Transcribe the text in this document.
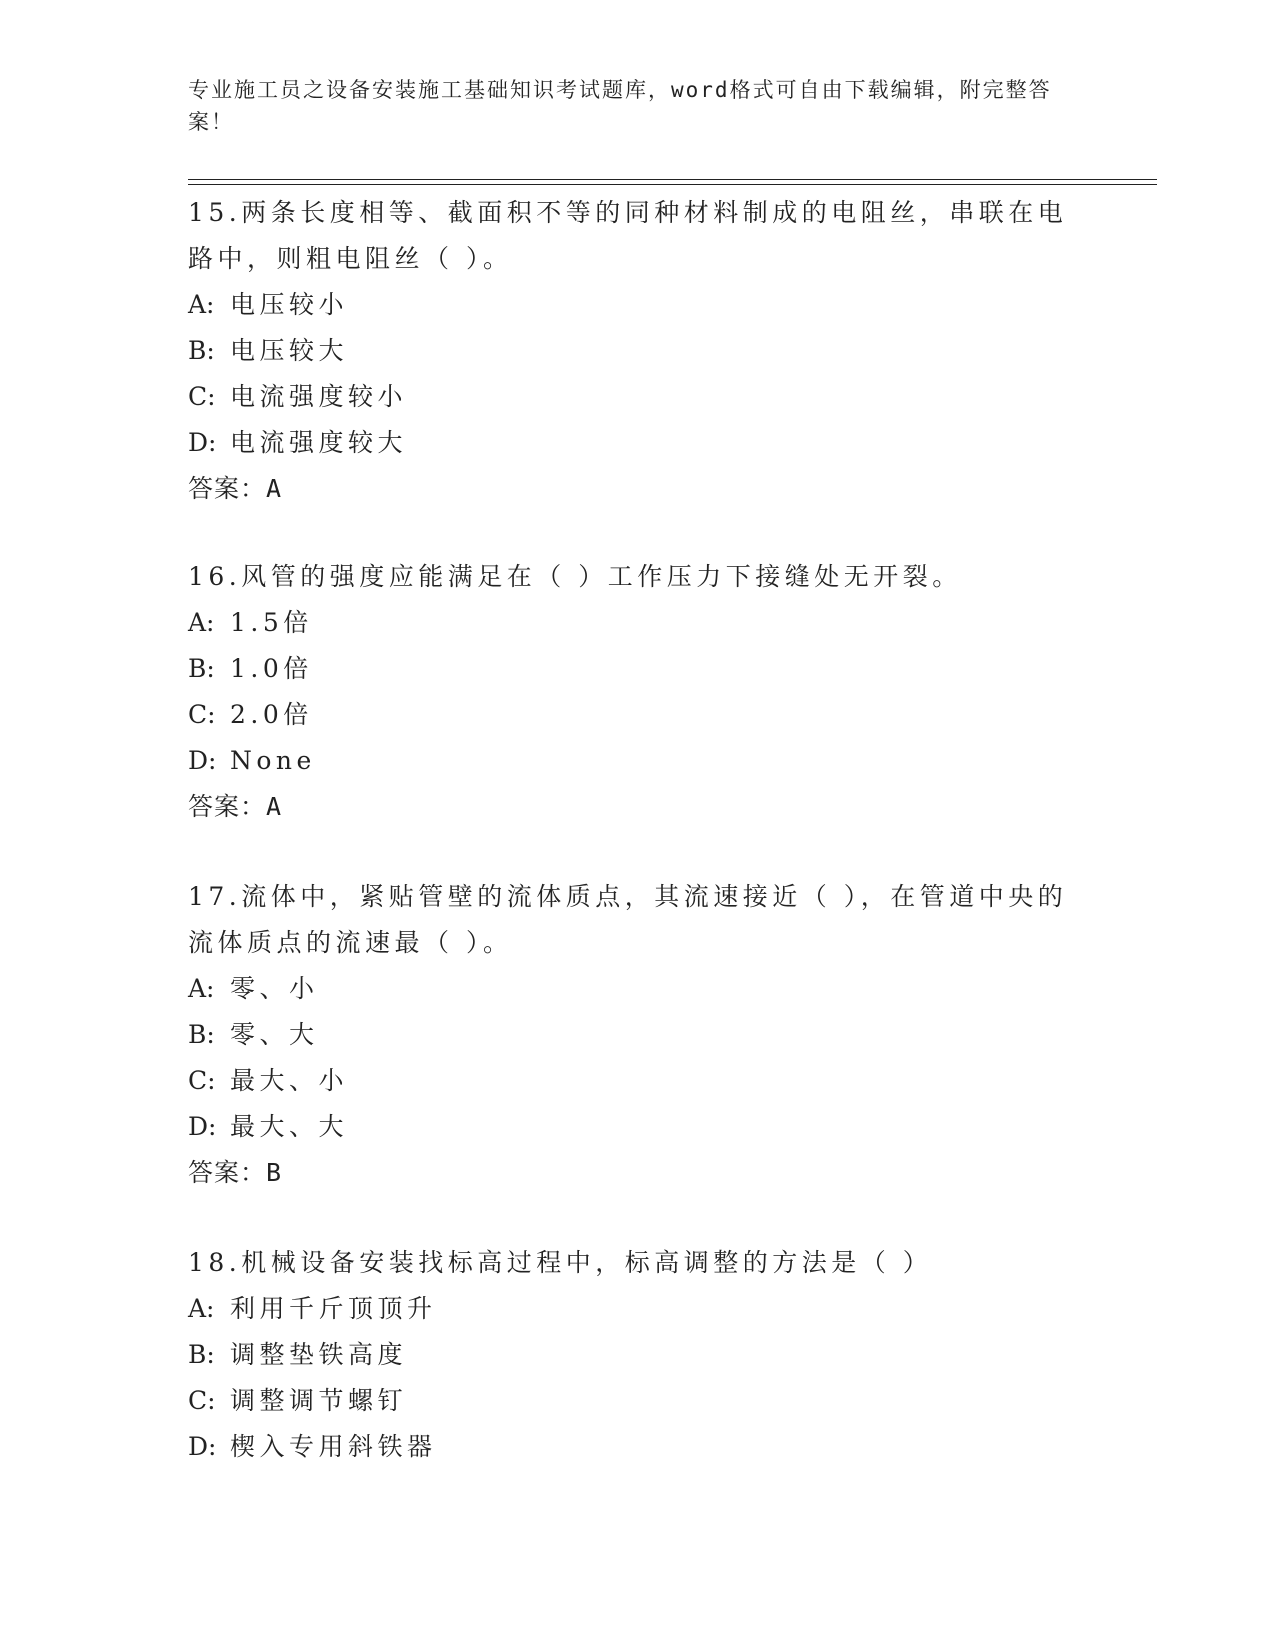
专业施工员之设备安装施工基础知识考试题库，word格式可自由下载编辑，附完整答案！

15.两条长度相等、截面积不等的同种材料制成的电阻丝，串联在电路中，则粗电阻丝（ ）。

A: 电压较小

B: 电压较大

C: 电流强度较小

D: 电流强度较大

答案：A

16.风管的强度应能满足在（ ）工作压力下接缝处无开裂。

A: 1.5倍

B: 1.0倍

C: 2.0倍

D: None

答案：A

17.流体中，紧贴管壁的流体质点，其流速接近（ ），在管道中央的流体质点的流速最（ ）。

A: 零、小

B: 零、大

C: 最大、小

D: 最大、大

答案：B

18.机械设备安装找标高过程中，标高调整的方法是（ ）

A: 利用千斤顶顶升

B: 调整垫铁高度

C: 调整调节螺钉

D: 楔入专用斜铁器
